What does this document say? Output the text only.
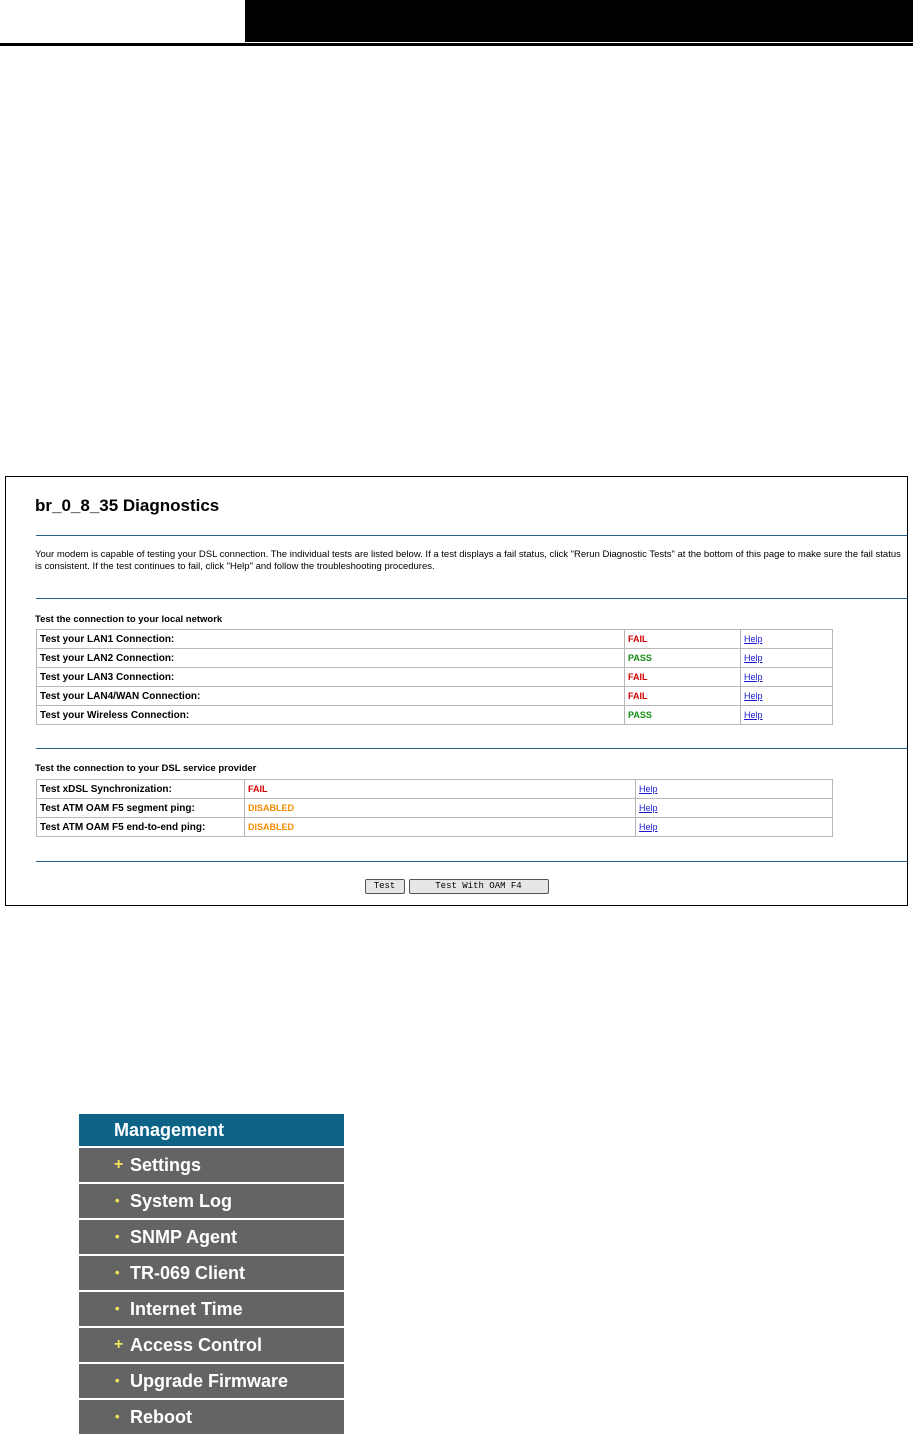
br_0_8_35 Diagnostics
Your modem is capable of testing your DSL connection. The individual tests are listed below. If a test displays a fail status, click "Rerun Diagnostic Tests" at the bottom of this page to make sure the fail status is consistent. If the test continues to fail, click "Help" and follow the troubleshooting procedures.
Test the connection to your local network
Test your LAN1 Connection:	FAIL	Help
Test your LAN2 Connection:	PASS	Help
Test your LAN3 Connection:	FAIL	Help
Test your LAN4/WAN Connection:	FAIL	Help
Test your Wireless Connection:	PASS	Help
Test the connection to your DSL service provider
Test xDSL Synchronization:	FAIL	Help
Test ATM OAM F5 segment ping:	DISABLED	Help
Test ATM OAM F5 end-to-end ping:	DISABLED	Help
Test	Test With OAM F4
Management
+ Settings
• System Log
• SNMP Agent
• TR-069 Client
• Internet Time
+ Access Control
• Upgrade Firmware
• Reboot
